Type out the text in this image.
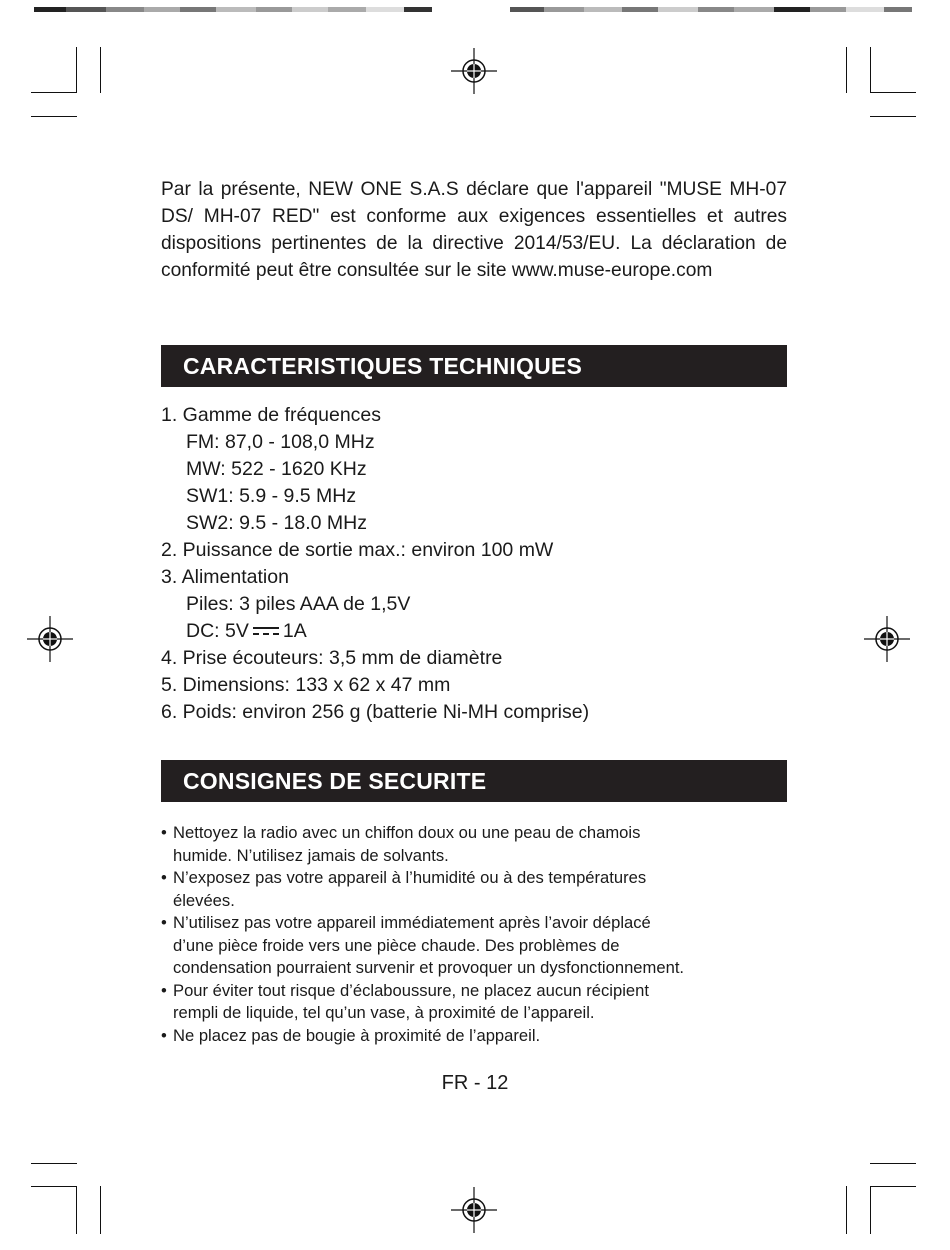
Par la présente, NEW ONE S.A.S déclare que l'appareil "MUSE MH-07 DS/ MH-07 RED" est conforme aux exigences essentielles et autres dispositions pertinentes de la directive 2014/53/EU. La déclaration de conformité peut être consultée sur le site www.muse-europe.com

CARACTERISTIQUES TECHNIQUES
1. Gamme de fréquences
FM: 87,0 - 108,0 MHz
MW: 522 - 1620 KHz
SW1: 5.9 - 9.5 MHz
SW2: 9.5 - 18.0 MHz
2. Puissance de sortie max.: environ 100 mW
3. Alimentation
Piles: 3 piles AAA de 1,5V
DC: 5V 1A
4. Prise écouteurs: 3,5 mm de diamètre
5. Dimensions: 133 x 62 x 47 mm
6. Poids: environ 256 g (batterie Ni-MH comprise)
CONSIGNES DE SECURITE
• Nettoyez la radio avec un chiffon doux ou une peau de chamois
humide. N’utilisez jamais de solvants.
• N’exposez pas votre appareil à l’humidité ou à des températures
élevées.
• N’utilisez pas votre appareil immédiatement après l’avoir déplacé
d’une pièce froide vers une pièce chaude. Des problèmes de
condensation pourraient survenir et provoquer un dysfonctionnement.
• Pour éviter tout risque d’éclaboussure, ne placez aucun récipient
rempli de liquide, tel qu’un vase, à proximité de l’appareil.
• Ne placez pas de bougie à proximité de l’appareil.
FR - 12
